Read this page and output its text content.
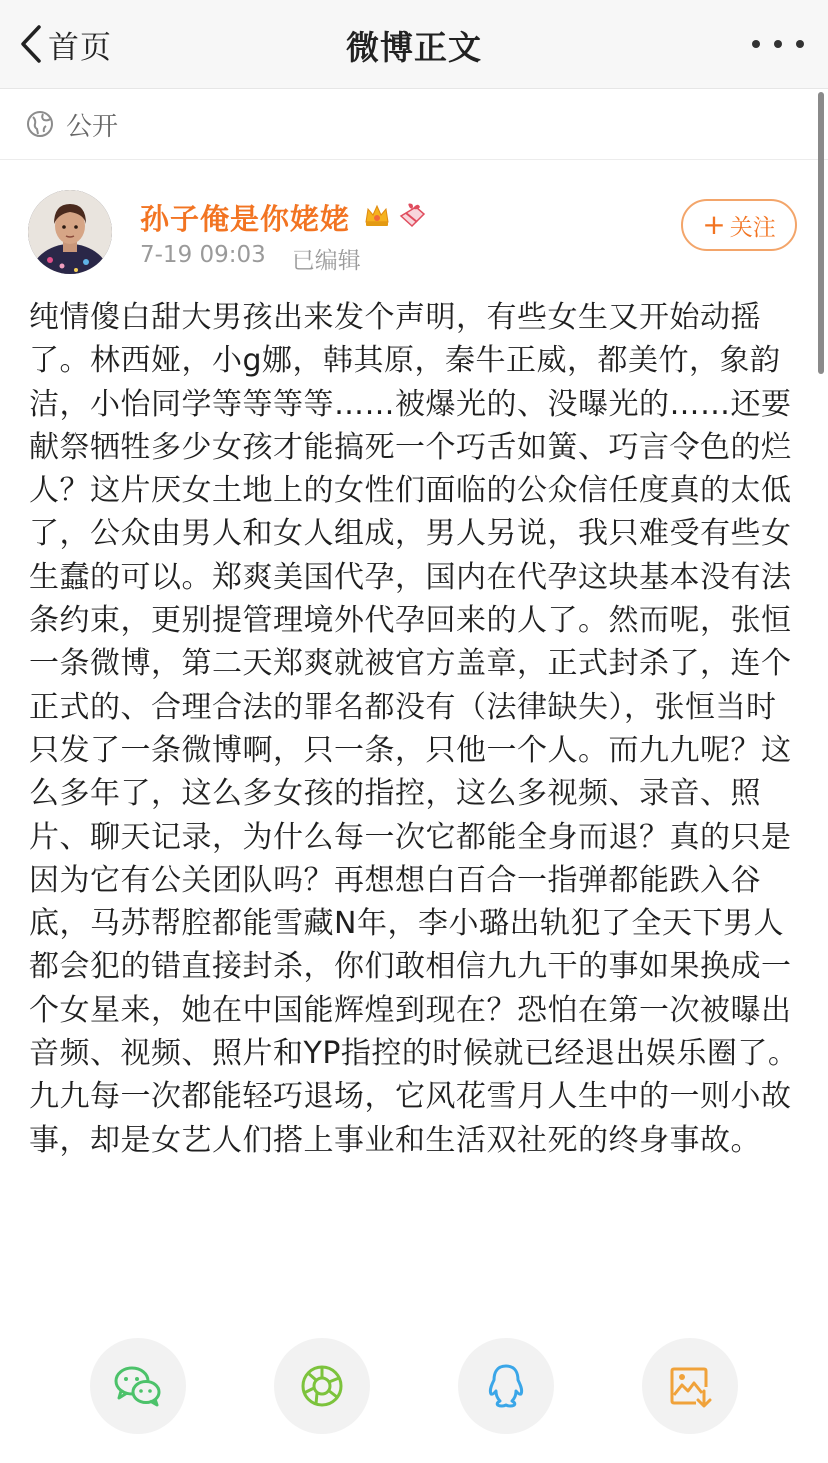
首页	微博正文
公开
孙子俺是你姥姥
7-19 09:03 已编辑
+ 关注
纯情傻白甜大男孩出来发个声明，有些女生又开始动摇了。林西娅，小g娜，韩其原，秦牛正威，都美竹，象韵洁，小怡同学等等等等……被爆光的、没曝光的……还要献祭牺牲多少女孩才能搞死一个巧舌如簧、巧言令色的烂人？这片厌女土地上的女性们面临的公众信任度真的太低了，公众由男人和女人组成，男人另说，我只难受有些女生蠢的可以。郑爽美国代孕，国内在代孕这块基本没有法条约束，更别提管理境外代孕回来的人了。然而呢，张恒一条微博，第二天郑爽就被官方盖章，正式封杀了，连个正式的、合理合法的罪名都没有（法律缺失），张恒当时只发了一条微博啊，只一条，只他一个人。而九九呢？这么多年了，这么多女孩的指控，这么多视频、录音、照片、聊天记录，为什么每一次它都能全身而退？真的只是因为它有公关团队吗？再想想白百合一指弹都能跌入谷底，马苏帮腔都能雪藏N年，李小璐出轨犯了全天下男人都会犯的错直接封杀，你们敢相信九九干的事如果换成一个女星来，她在中国能辉煌到现在？恐怕在第一次被曝出音频、视频、照片和YP指控的时候就已经退出娱乐圈了。九九每一次都能轻巧退场，它风花雪月人生中的一则小故事，却是女艺人们搭上事业和生活双社死的终身事故。
